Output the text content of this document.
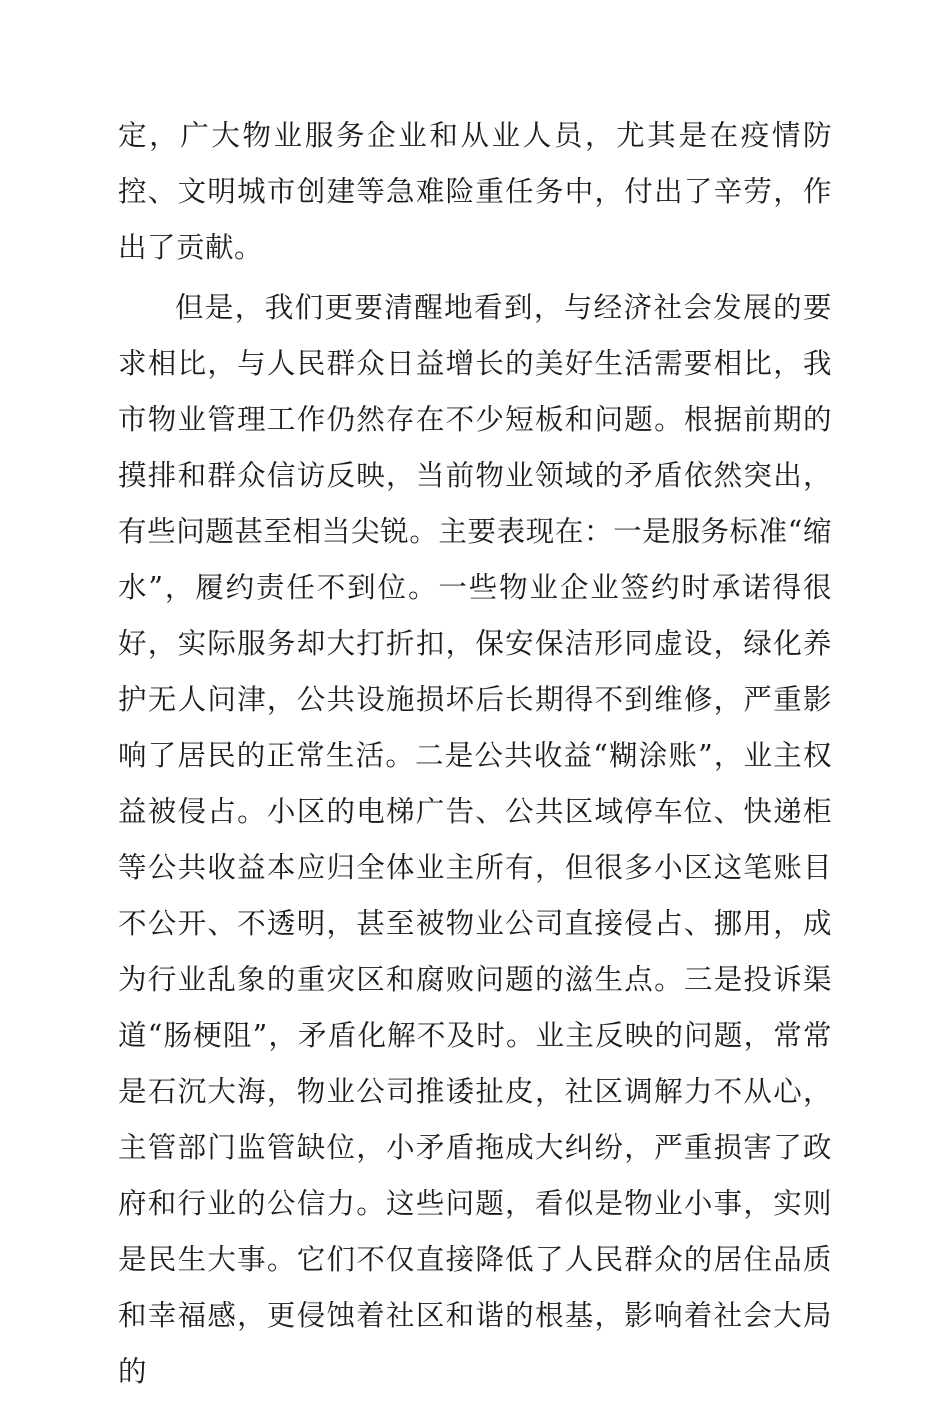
定，广大物业服务企业和从业人员，尤其是在疫情防控、文明城市创建等急难险重任务中，付出了辛劳，作出了贡献。

但是，我们更要清醒地看到，与经济社会发展的要求相比，与人民群众日益增长的美好生活需要相比，我市物业管理工作仍然存在不少短板和问题。根据前期的摸排和群众信访反映，当前物业领域的矛盾依然突出，有些问题甚至相当尖锐。主要表现在：一是服务标准“缩水”，履约责任不到位。一些物业企业签约时承诺得很好，实际服务却大打折扣，保安保洁形同虚设，绿化养护无人问津，公共设施损坏后长期得不到维修，严重影响了居民的正常生活。二是公共收益“糊涂账”，业主权益被侵占。小区的电梯广告、公共区域停车位、快递柜等公共收益本应归全体业主所有，但很多小区这笔账目不公开、不透明，甚至被物业公司直接侵占、挪用，成为行业乱象的重灾区和腐败问题的滋生点。三是投诉渠道“肠梗阻”，矛盾化解不及时。业主反映的问题，常常是石沉大海，物业公司推诿扯皮，社区调解力不从心，主管部门监管缺位，小矛盾拖成大纠纷，严重损害了政府和行业的公信力。这些问题，看似是物业小事，实则是民生大事。它们不仅直接降低了人民群众的居住品质和幸福感，更侵蚀着社区和谐的根基，影响着社会大局的
